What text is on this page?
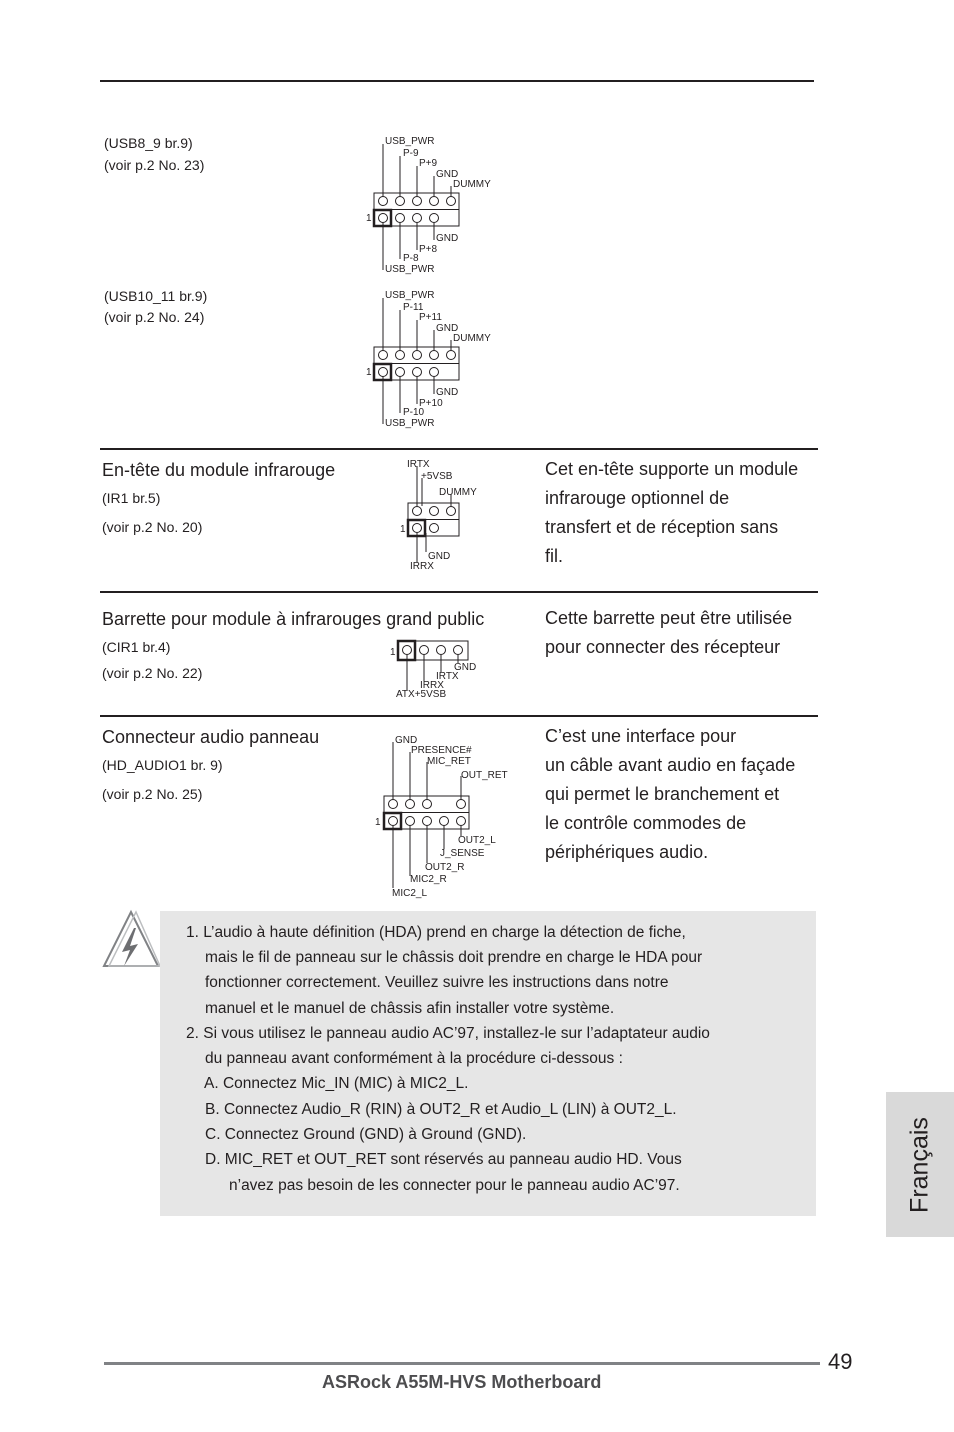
(USB8_9 br.9)
(voir p.2 No. 23)
USB_PWR
P-9
P+9
GND
DUMMY
GND
P+8
P-8
USB_PWR
1
(USB10_11 br.9)
(voir p.2 No. 24)
USB_PWR
P-11
P+11
GND
DUMMY
GND
P+10
P-10
USB_PWR
1
En-tête du module infrarouge
(IR1 br.5)
(voir p.2 No. 20)
IRTX
+5VSB
DUMMY
GND
IRRX
1
Cet en-tête supporte un module
infrarouge optionnel de
transfert et de réception sans
fil.
Barrette pour module à infrarouges grand public
(CIR1 br.4)
(voir p.2 No. 22)	GND
IRTX
IRRX
ATX+5VSB
1
Cette barrette peut être utilisée
pour connecter des récepteur
Connecteur audio panneau
(HD_AUDIO1 br. 9)
(voir p.2 No. 25)
GND
PRESENCE#
MIC_RET
OUT_RET
OUT2_L
J_SENSE
OUT2_R
MIC2_R
MIC2_L
1
C’est une interface pour
un câble avant audio en façade
qui permet le branchement et
le contrôle commodes de
périphériques audio.
1. L’audio à haute définition (HDA) prend en charge la détection de fiche,
mais le fil de panneau sur le châssis doit prendre en charge le HDA pour
fonctionner correctement. Veuillez suivre les instructions dans notre
manuel et le manuel de châssis afin installer votre système.
2. Si vous utilisez le panneau audio AC’97, installez-le sur l’adaptateur audio
du panneau avant conformément à la procédure ci-dessous :
A. Connectez Mic_IN (MIC) à MIC2_L.
B. Connectez Audio_R (RIN) à OUT2_R et Audio_L (LIN) à OUT2_L.
C. Connectez Ground (GND) à Ground (GND).
D. MIC_RET et OUT_RET sont réservés au panneau audio HD. Vous
n’avez pas besoin de les connecter pour le panneau audio AC’97.	Français
49
ASRock A55M-HVS Motherboard
